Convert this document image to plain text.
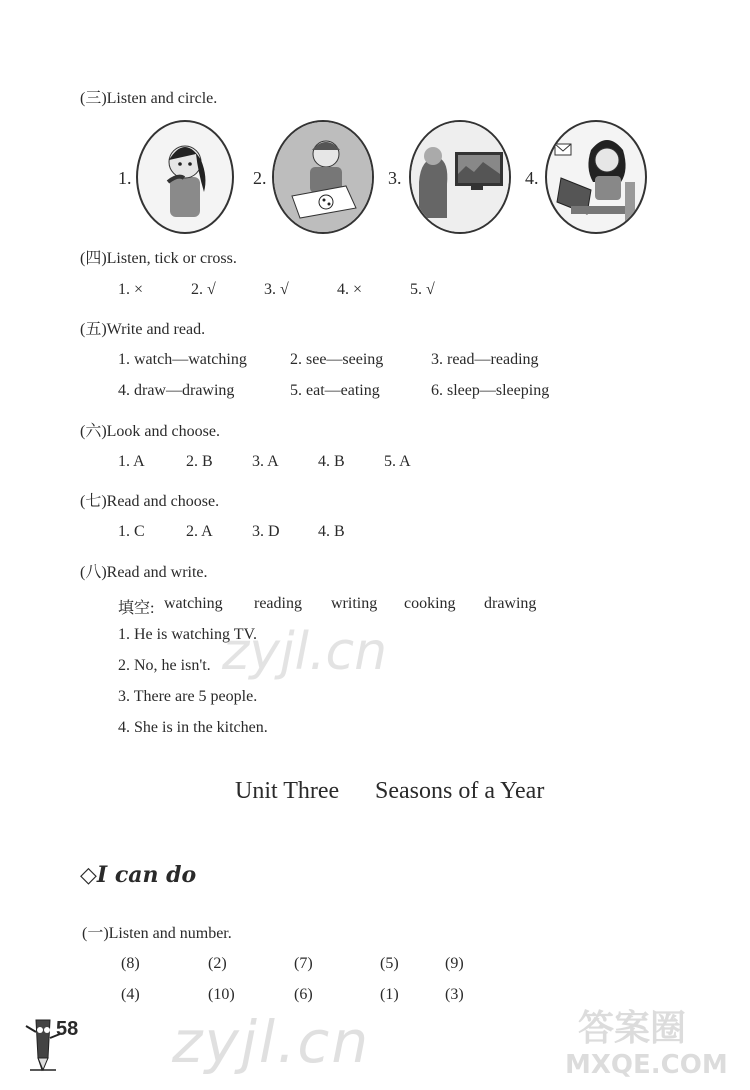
(三)Listen and circle.
1.	2.	3.	4.
(四)Listen, tick or cross.
1. ×	2. √	3. √	4. ×	5. √
(五)Write and read.
1. watch—watching	2. see—seeing	3. read—reading
4. draw—drawing	5. eat—eating	6. sleep—sleeping
(六)Look and choose.
1. A	2. B 3. A 4. B 5. A
(七)Read and choose.
1. C	2. A 3. D 4. B
(八)Read and write.
填空: watching reading writing cooking drawing
1. He is watching TV.
2. No, he isn't.
3. There are 5 people.
4. She is in the kitchen.
zyjl.cn
Unit Three Seasons of a Year
◇I can do
(一)Listen and number.
(8)	(2)	(7)	(5)	(9)
(4)	(10)	(6)	(1)	(3)
58 zyjl.cn	答案圈
MXQE.COM
